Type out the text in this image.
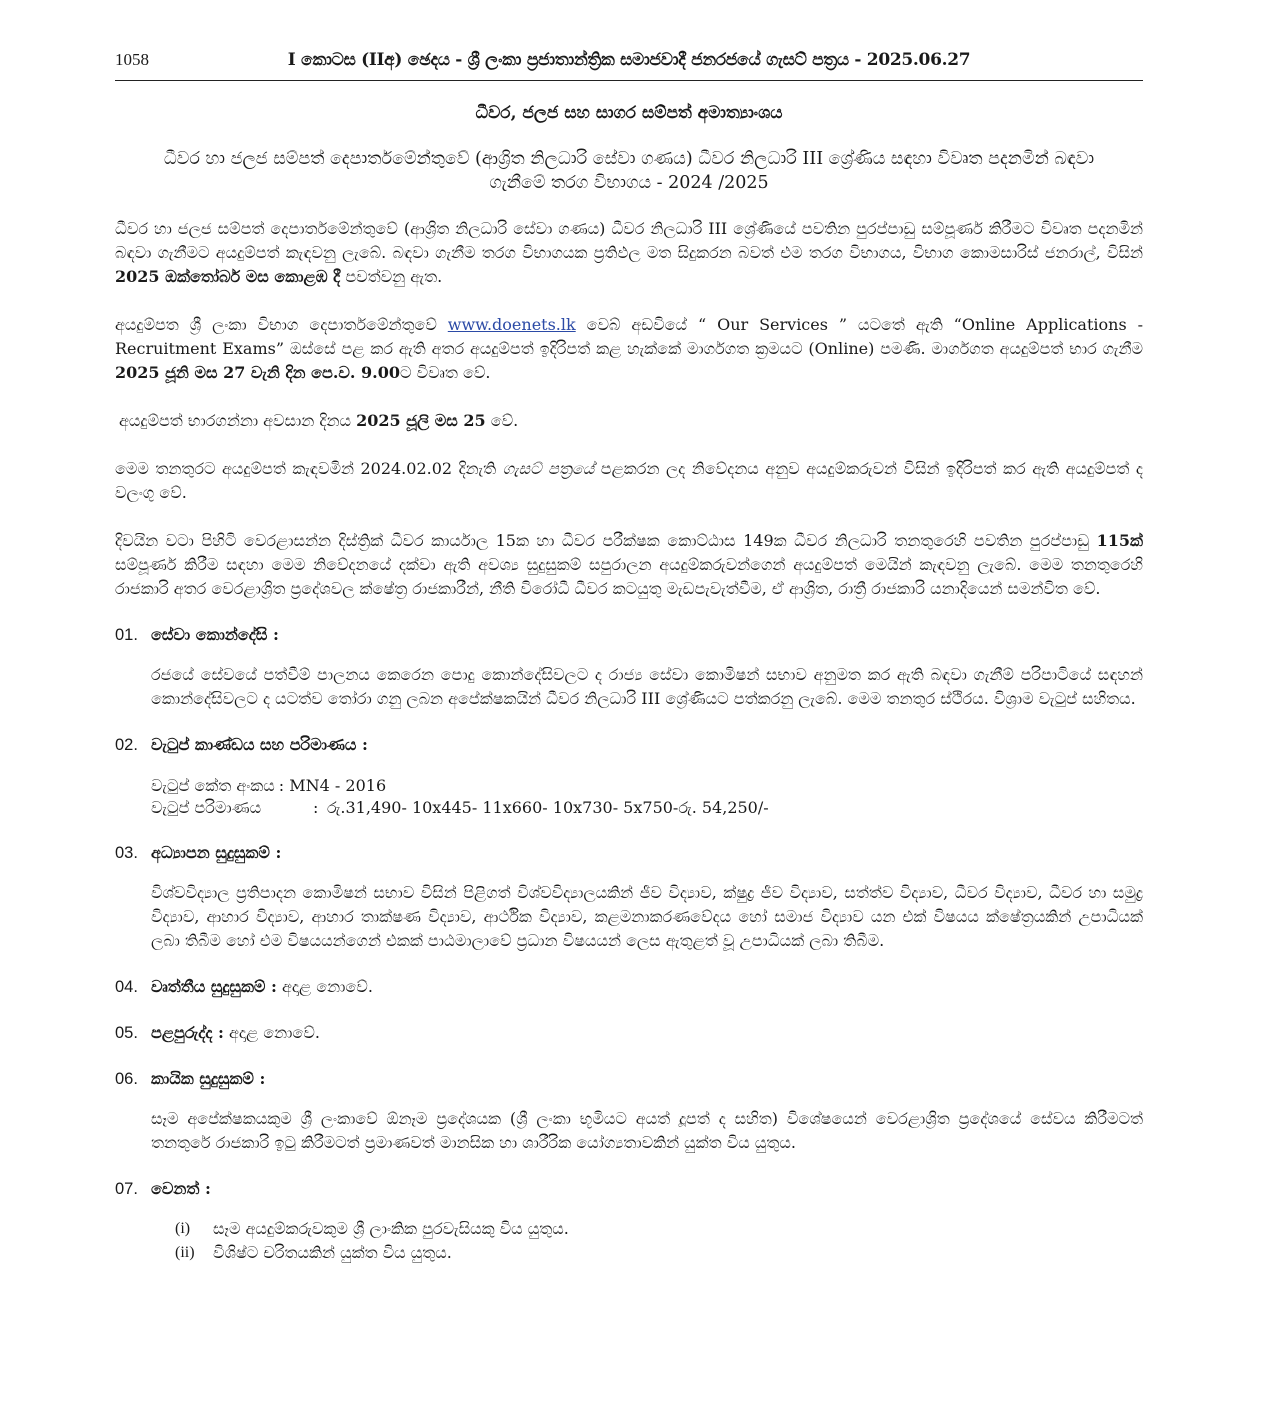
1058	I කොටස (IIඅ) ඡෙදය - ශ්‍රී ලංකා ප්‍රජාතාන්ත්‍රික සමාජවාදී ජනරජයේ ගැසට් පත්‍රය - 2025.06.27
ධීවර, ජලජ සහ සාගර සම්පත් අමාත්‍යාංශය
ධීවර හා ජලජ සම්පත් දෙපාර්තමේන්තුවේ (ආශ්‍රිත නිලධාරි සේවා ගණය) ධීවර නිලධාරි III ශ්‍රේණිය සඳහා විවෘත පදනමින් බඳවා ගැනීමේ තරග විභාගය - 2024 /2025

ධීවර හා ජලජ සම්පත් දෙපාර්තමේන්තුවේ (ආශ්‍රිත නිලධාරි සේවා ගණය) ධීවර නිලධාරි III ශ්‍රේණියේ පවතින පුරප්පාඩු සම්පූර්ණ කිරීමට විවෘත පදනමින් බඳවා ගැනීමට අයදුම්පත් කැඳවනු ලැබේ. බඳවා ගැනීම තරග විභාගයක ප්‍රතිඵල මත සිදුකරන බවත් එම තරග විභාගය, විභාග කොමසාරිස් ජනරාල්, විසින් 2025 ඔක්තෝබර් මස කොළඹ දී පවත්වනු ඇත.

අයදුම්පත ශ්‍රී ලංකා විභාග දෙපාර්තමේන්තුවේ www.doenets.lk වෙබ් අඩවියේ “ Our Services ” යටතේ ඇති “Online Applications - Recruitment Exams” ඔස්සේ පළ කර ඇති අතර අයදුම්පත් ඉදිරිපත් කළ හැක්කේ මාර්ගගත ක්‍රමයට (Online) පමණි. මාර්ගගත අයදුම්පත් භාර ගැනීම 2025 ජූනි මස 27 වැනි දින පෙ.ව. 9.00ට විවෘත වේ.

අයදුම්පත් භාරගන්නා අවසාන දිනය 2025 ජූලි මස 25 වේ.

මෙම තනතුරට අයදුම්පත් කැඳවමින් 2024.02.02 දිනැති ගැසට් පත්‍රයේ පළකරන ලද නිවේදනය අනුව අයදුම්කරුවන් විසින් ඉදිරිපත් කර ඇති අයදුම්පත් ද වලංගු වේ.

දිවයින වටා පිහිටි වෙරළාසන්න දිස්ත්‍රික් ධීවර කාර්යාල 15ක හා ධීවර පරීක්ෂක කොට්ඨාස 149ක ධීවර නිලධාරි තනතුරෙහි පවතින පුරප්පාඩු 115ක් සම්පූර්ණ කිරීම සඳහා මෙම නිවේදනයේ දක්වා ඇති අවශ්‍ය සුදුසුකම් සපුරාලන අයදුම්කරුවන්ගෙන් අයදුම්පත් මෙයින් කැඳවනු ලැබේ. මෙම තනතුරෙහි රාජකාරි අතර වෙරළාශ්‍රිත ප්‍රදේශවල ක්ෂේත්‍ර රාජකාරීන්, නීති විරෝධී ධීවර කටයුතු මැඩපැවැත්වීම, ඒ ආශ්‍රිත, රාත්‍රී රාජකාරි යනාදියෙන් සමන්විත වේ.

01. සේවා කොන්දේසි :
රජයේ සේවයේ පත්වීම් පාලනය කෙරෙන පොදු කොන්දේසිවලට ද රාජ්‍ය සේවා කොමිෂන් සභාව අනුමත කර ඇති බඳවා ගැනීම් පරිපාටියේ සඳහන් කොන්දේසිවලට ද යටත්ව තෝරා ගනු ලබන අපේක්ෂකයින් ධීවර නිලධාරි III ශ්‍රේණියට පත්කරනු ලැබේ. මෙම තනතුර ස්ථිරය. විශ්‍රාම වැටුප් සහිතය.
02. වැටුප් කාණ්ඩය සහ පරිමාණය :
වැටුප් කේත අංකය : MN4 - 2016
වැටුප් පරිමාණය	: රු.31,490- 10x445- 11x660- 10x730- 5x750-රු. 54,250/-
03. අධ්‍යාපන සුදුසුකම් :
විශ්වවිද්‍යාල ප්‍රතිපාදන කොමිෂන් සභාව විසින් පිළිගත් විශ්වවිද්‍යාලයකින් ජීව විද්‍යාව, ක්ෂුද්‍ර ජීව විද්‍යාව, සත්ත්ව විද්‍යාව, ධීවර විද්‍යාව, ධීවර හා සමුද්‍ර විද්‍යාව, ආහාර විද්‍යාව, ආහාර තාක්ෂණ විද්‍යාව, ආර්ථික විද්‍යාව, කළමනාකරණවේදය හෝ සමාජ විද්‍යාව යන එක් විෂයය ක්ෂේත්‍රයකින් උපාධියක් ලබා තිබීම හෝ එම විෂයයන්ගෙන් එකක් පාඨමාලාවේ ප්‍රධාන විෂයයන් ලෙස ඇතුළත් වූ උපාධියක් ලබා තිබීම.
04. වෘත්තීය සුදුසුකම් : අදාළ නොවේ.
05. පළපුරුද්ද : අදාළ නොවේ.
06. කායික සුදුසුකම් :
සෑම අපේක්ෂකයකුම ශ්‍රී ලංකාවේ ඕනෑම ප්‍රදේශයක (ශ්‍රී ලංකා භූමියට අයත් දූපත් ද සහිත) විශේෂයෙන් වෙරළාශ්‍රිත ප්‍රදේශයේ සේවය කිරීමටත් තනතුරේ රාජකාරි ඉටු කිරීමටත් ප්‍රමාණවත් මානසික හා ශාරීරික යෝග්‍යතාවකින් යුක්ත විය යුතුය.
07. වෙනත් :
(i)	සෑම අයදුම්කරුවකුම ශ්‍රී ලාංකික පුරවැසියකු විය යුතුය.
(ii)	විශිෂ්ට චරිතයකින් යුක්ත විය යුතුය.
